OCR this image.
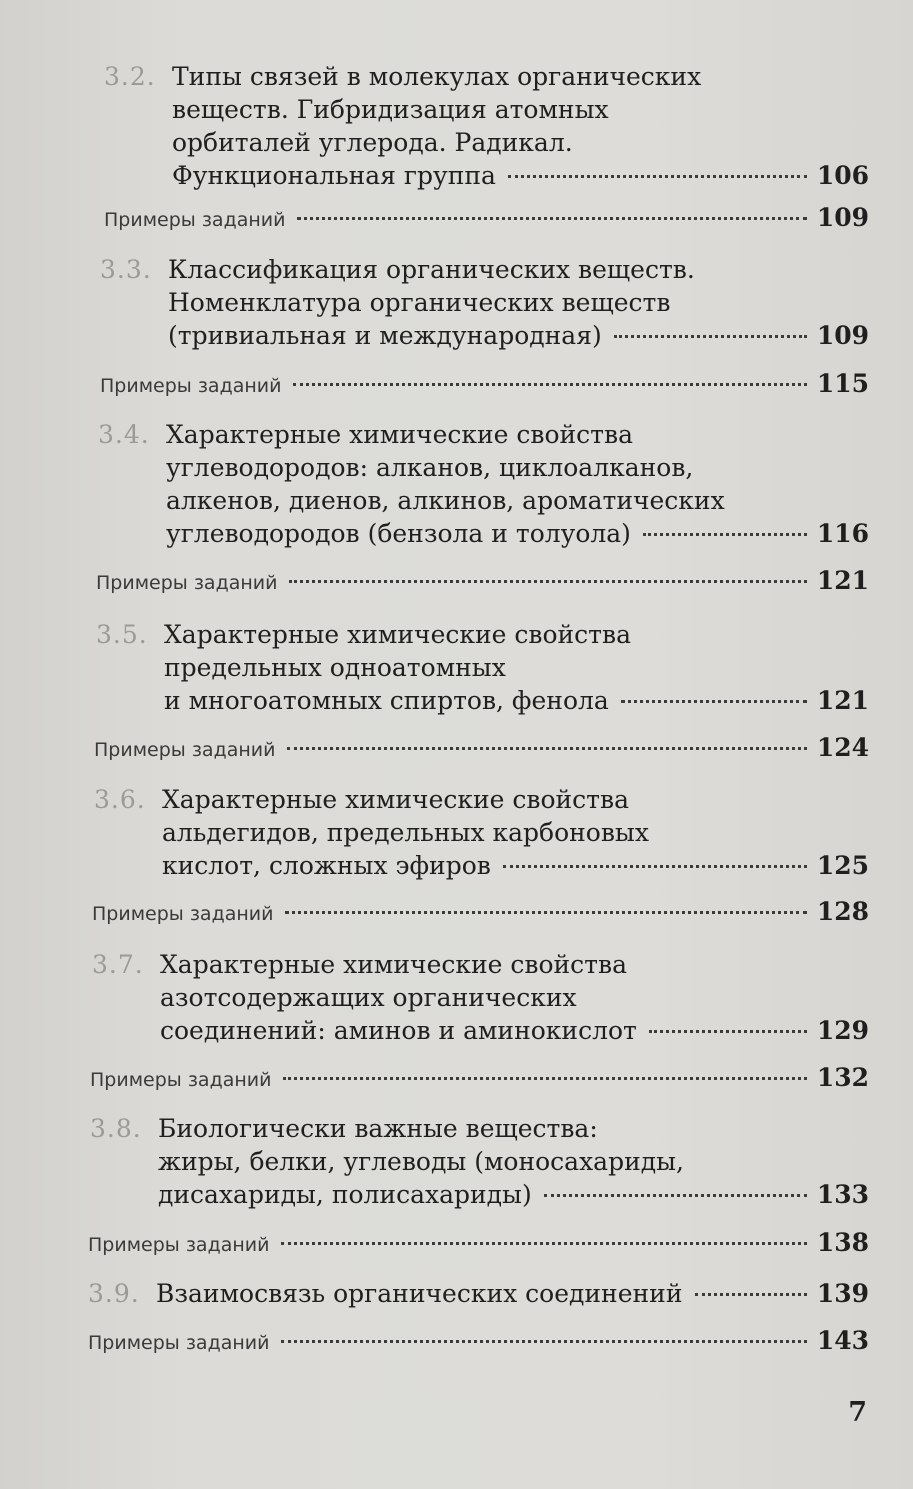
3.2. Типы связей в молекулах органических
веществ. Гибридизация атомных
орбиталей углерода. Радикал.
Функциональная группа	106
Примеры заданий	109
3.3. Классификация органических веществ.
Номенклатура органических веществ
(тривиальная и международная)	109
Примеры заданий	115
3.4. Характерные химические свойства
углеводородов: алканов, циклоалканов,
алкенов, диенов, алкинов, ароматических
углеводородов (бензола и толуола)	116
Примеры заданий	121
3.5. Характерные химические свойства
предельных одноатомных
и многоатомных спиртов, фенола	121
Примеры заданий	124
3.6. Характерные химические свойства
альдегидов, предельных карбоновых
кислот, сложных эфиров	125
Примеры заданий	128
3.7. Характерные химические свойства
азотсодержащих органических
соединений: аминов и аминокислот	129
Примеры заданий	132
3.8. Биологически важные вещества:
жиры, белки, углеводы (моносахариды,
дисахариды, полисахариды)	133
Примеры заданий	138
3.9. Взаимосвязь органических соединений	139
Примеры заданий	143
7
